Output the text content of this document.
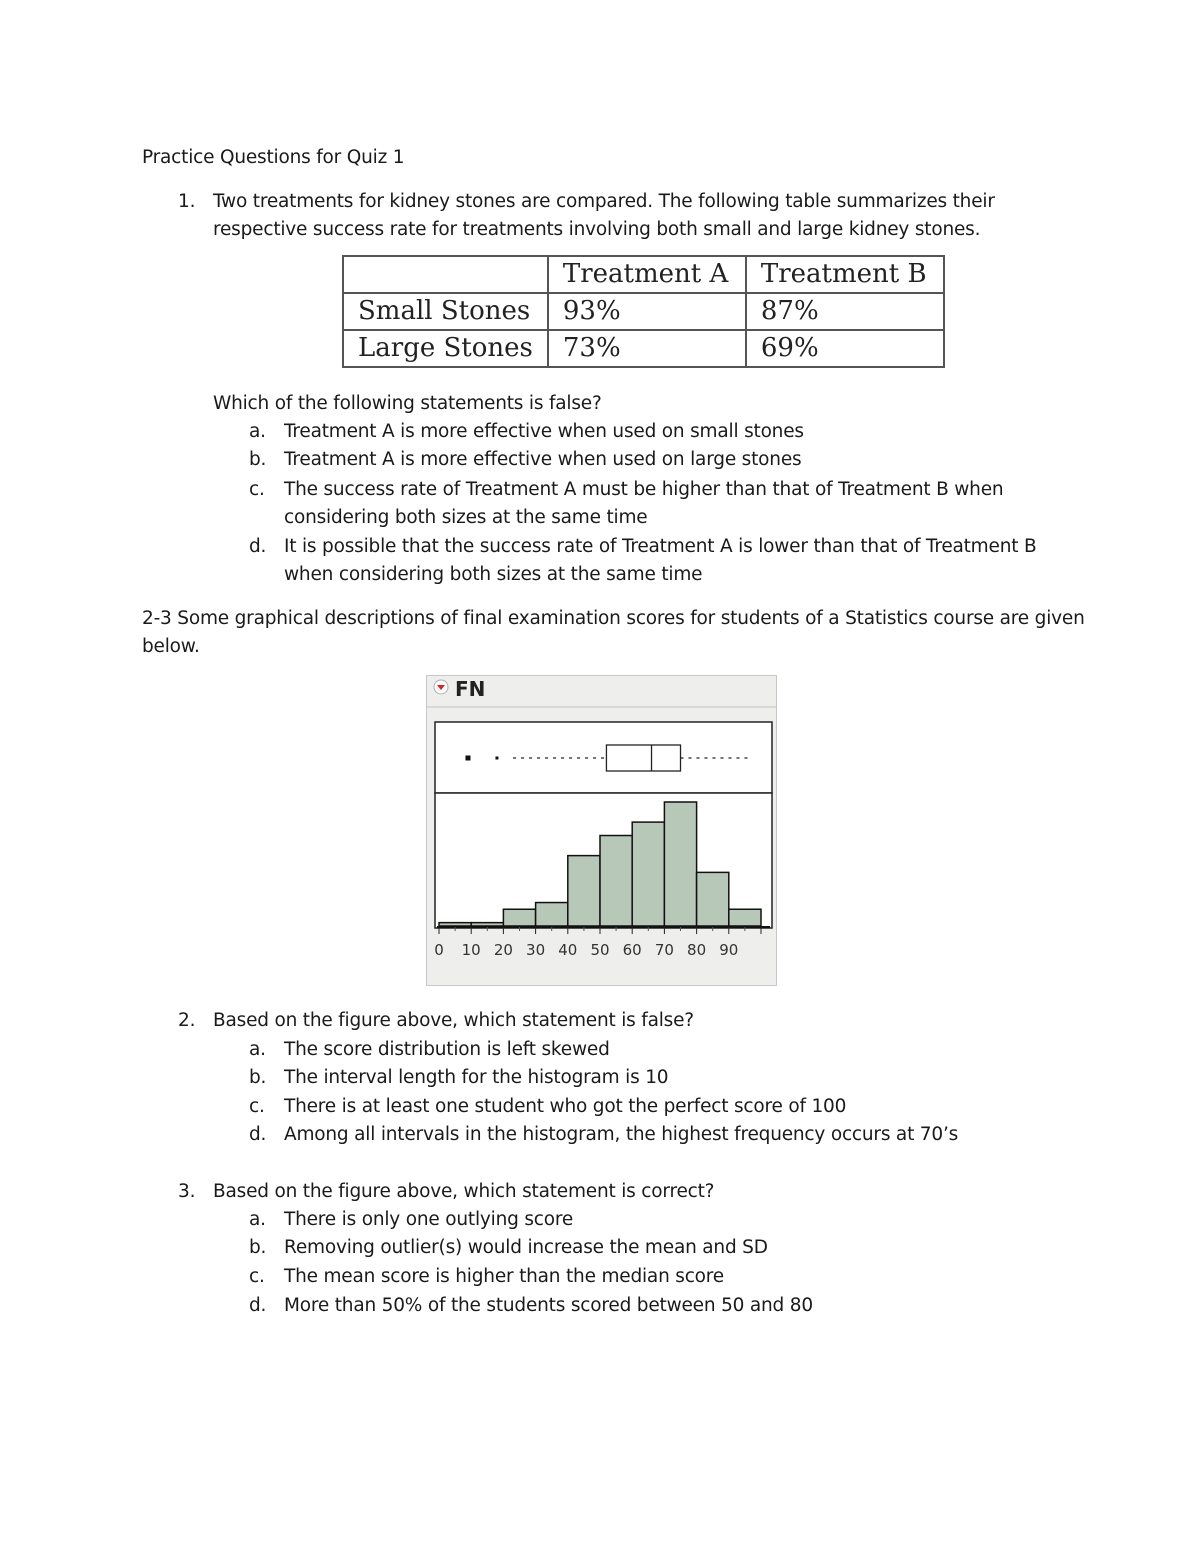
Practice Questions for Quiz 1
1. Two treatments for kidney stones are compared. The following table summarizes their
respective success rate for treatments involving both small and large kidney stones.
	Treatment A	Treatment B
Small Stones	93%	87%
Large Stones	73%	69%
Which of the following statements is false?
a. Treatment A is more effective when used on small stones
b. Treatment A is more effective when used on large stones
c. The success rate of Treatment A must be higher than that of Treatment B when
considering both sizes at the same time
d. It is possible that the success rate of Treatment A is lower than that of Treatment B
when considering both sizes at the same time
2-3 Some graphical descriptions of final examination scores for students of a Statistics course are given
below.
FN
0 10 20 30 40 50 60 70 80 90
2. Based on the figure above, which statement is false?
a. The score distribution is left skewed
b. The interval length for the histogram is 10
c. There is at least one student who got the perfect score of 100
d. Among all intervals in the histogram, the highest frequency occurs at 70’s
3. Based on the figure above, which statement is correct?
a. There is only one outlying score
b. Removing outlier(s) would increase the mean and SD
c. The mean score is higher than the median score
d. More than 50% of the students scored between 50 and 80
